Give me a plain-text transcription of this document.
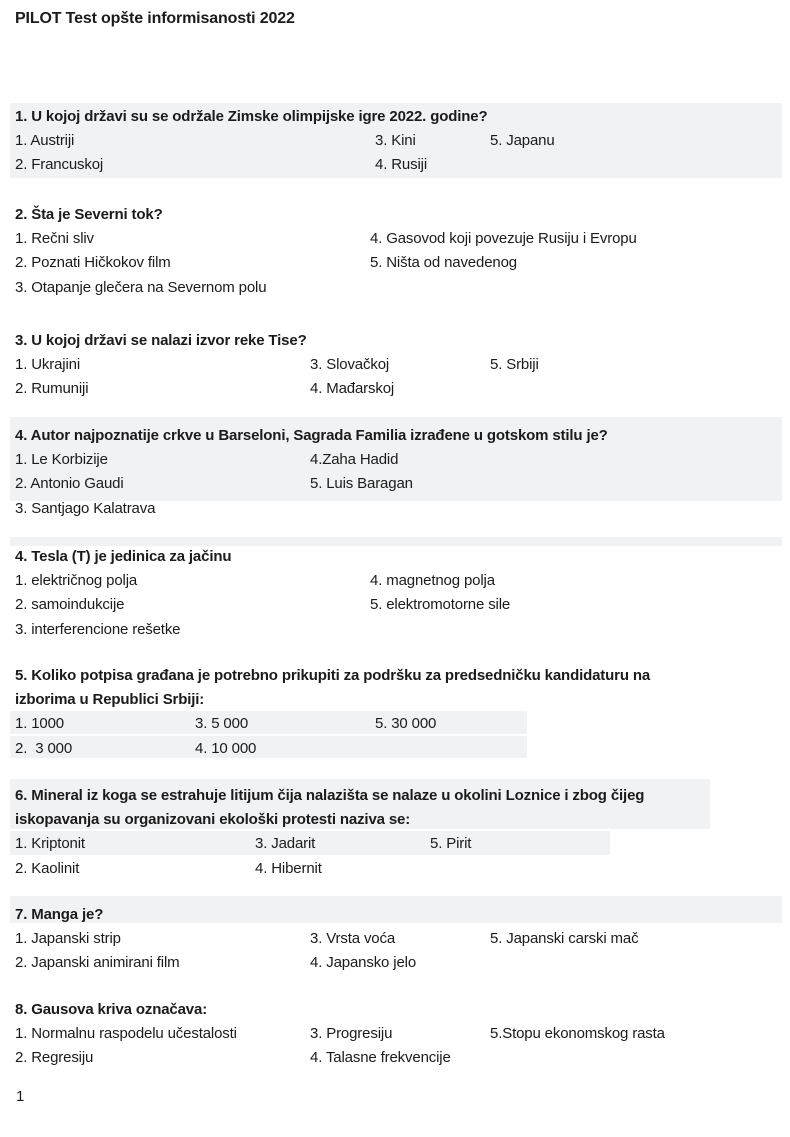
PILOT Test opšte informisanosti 2022
1. U kojoj državi su se održale Zimske olimpijske igre 2022. godine?
1. Austriji	3. Kini	5. Japanu
2. Francuskoj	4. Rusiji
2. Šta je Severni tok?
1. Rečni sliv	4. Gasovod koji povezuje Rusiju i Evropu
2. Poznati Hičkokov film	5. Ništa od navedenog
3. Otapanje glečera na Severnom polu
3. U kojoj državi se nalazi izvor reke Tise?
1. Ukrajini	3. Slovačkoj	5. Srbiji
2. Rumuniji	4. Mađarskoj
4. Autor najpoznatije crkve u Barseloni, Sagrada Familia izrađene u gotskom stilu je?
1. Le Korbizije	4.Zaha Hadid
2. Antonio Gaudi	5. Luis Baragan
3. Santjago Kalatrava
4. Tesla (T) je jedinica za jačinu
1. električnog polja	4. magnetnog polja
2. samoindukcije	5. elektromotorne sile
3. interferencione rešetke
5. Koliko potpisa građana je potrebno prikupiti za podršku za predsedničku kandidaturu na
izborima u Republici Srbiji:
1. 1000	3. 5 000	5. 30 000
2.  3 000	4. 10 000
6. Mineral iz koga se estrahuje litijum čija nalazišta se nalaze u okolini Loznice i zbog čijeg
iskopavanja su organizovani ekološki protesti naziva se:
1. Kriptonit	3. Jadarit	5. Pirit
2. Kaolinit	4. Hibernit
7. Manga je?
1. Japanski strip	3. Vrsta voća	5. Japanski carski mač
2. Japanski animirani film	4. Japansko jelo
8. Gausova kriva označava:
1. Normalnu raspodelu učestalosti	3. Progresiju	5.Stopu ekonomskog rasta
2. Regresiju	4. Talasne frekvencije
1
